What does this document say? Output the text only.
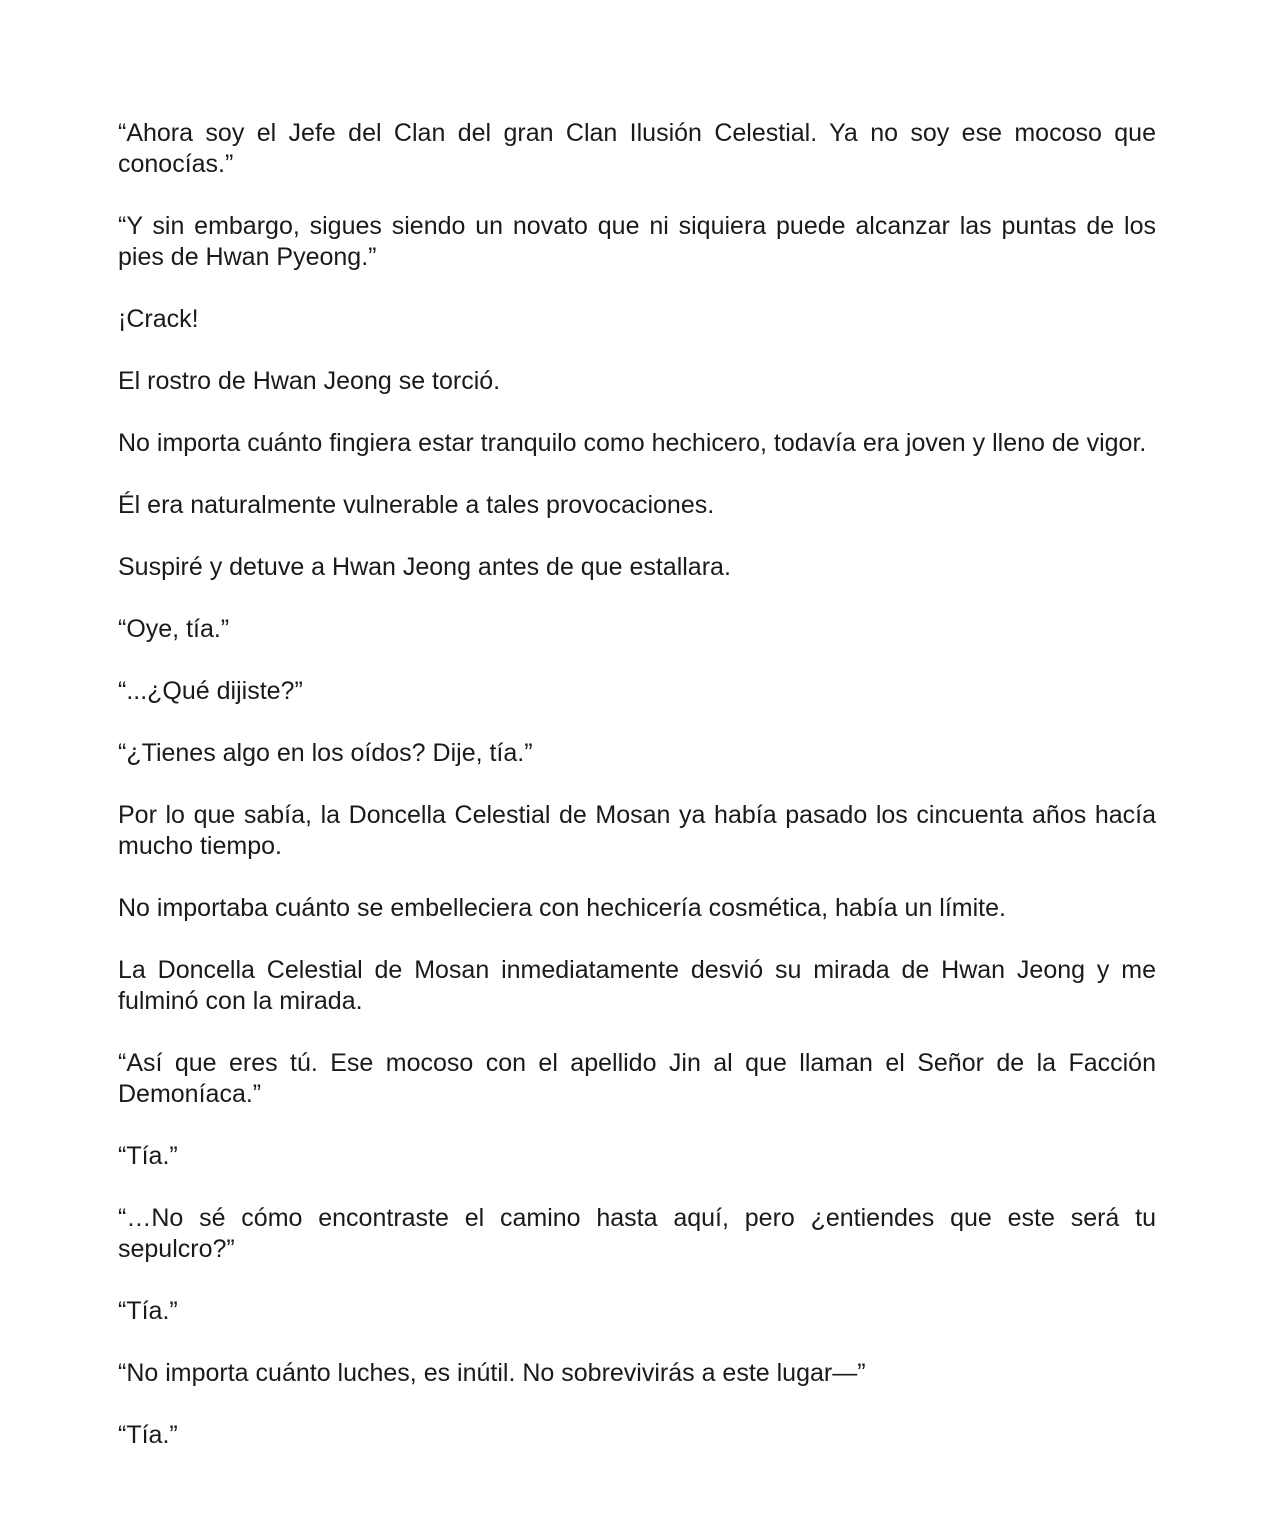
“Ahora soy el Jefe del Clan del gran Clan Ilusión Celestial. Ya no soy ese mocoso que conocías.”

“Y sin embargo, sigues siendo un novato que ni siquiera puede alcanzar las puntas de los pies de Hwan Pyeong.”

¡Crack!

El rostro de Hwan Jeong se torció.

No importa cuánto fingiera estar tranquilo como hechicero, todavía era joven y lleno de vigor.

Él era naturalmente vulnerable a tales provocaciones.

Suspiré y detuve a Hwan Jeong antes de que estallara.

“Oye, tía.”

“...¿Qué dijiste?”

“¿Tienes algo en los oídos? Dije, tía.”

Por lo que sabía, la Doncella Celestial de Mosan ya había pasado los cincuenta años hacía mucho tiempo.

No importaba cuánto se embelleciera con hechicería cosmética, había un límite.

La Doncella Celestial de Mosan inmediatamente desvió su mirada de Hwan Jeong y me fulminó con la mirada.

“Así que eres tú. Ese mocoso con el apellido Jin al que llaman el Señor de la Facción Demoníaca.”

“Tía.”

“…No sé cómo encontraste el camino hasta aquí, pero ¿entiendes que este será tu sepulcro?”

“Tía.”

“No importa cuánto luches, es inútil. No sobrevivirás a este lugar—”

“Tía.”
